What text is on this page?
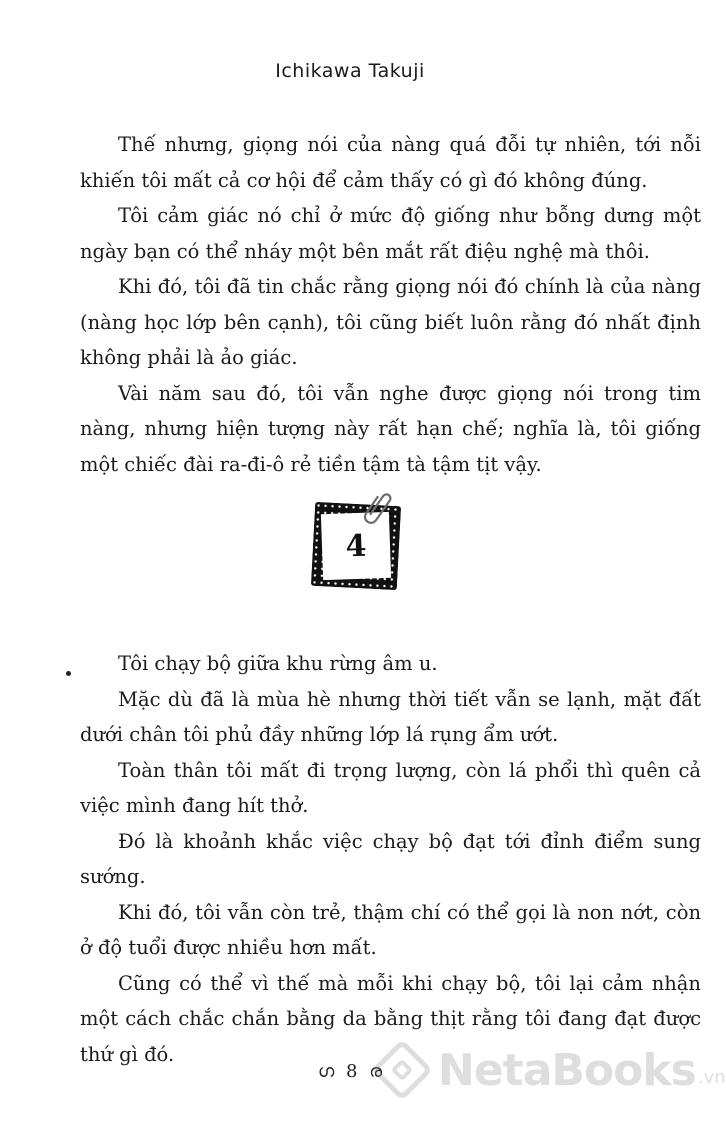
Ichikawa Takuji

Thế nhưng, giọng nói của nàng quá đỗi tự nhiên, tới nỗi khiến tôi mất cả cơ hội để cảm thấy có gì đó không đúng.

Tôi cảm giác nó chỉ ở mức độ giống như bỗng dưng một ngày bạn có thể nháy một bên mắt rất điệu nghệ mà thôi.

Khi đó, tôi đã tin chắc rằng giọng nói đó chính là của nàng (nàng học lớp bên cạnh), tôi cũng biết luôn rằng đó nhất định không phải là ảo giác.

Vài năm sau đó, tôi vẫn nghe được giọng nói trong tim nàng, nhưng hiện tượng này rất hạn chế; nghĩa là, tôi giống một chiếc đài ra-đi-ô rẻ tiền tậm tà tậm tịt vậy.

4

Tôi chạy bộ giữa khu rừng âm u.

Mặc dù đã là mùa hè nhưng thời tiết vẫn se lạnh, mặt đất dưới chân tôi phủ đầy những lớp lá rụng ẩm ướt.

Toàn thân tôi mất đi trọng lượng, còn lá phổi thì quên cả việc mình đang hít thở.

Đó là khoảnh khắc việc chạy bộ đạt tới đỉnh điểm sung sướng.

Khi đó, tôi vẫn còn trẻ, thậm chí có thể gọi là non nớt, còn ở độ tuổi được nhiều hơn mất.

Cũng có thể vì thế mà mỗi khi chạy bộ, tôi lại cảm nhận một cách chắc chắn bằng da bằng thịt rằng tôi đang đạt được thứ gì đó.

ഗ 8 ര	NetaBooks .vn
